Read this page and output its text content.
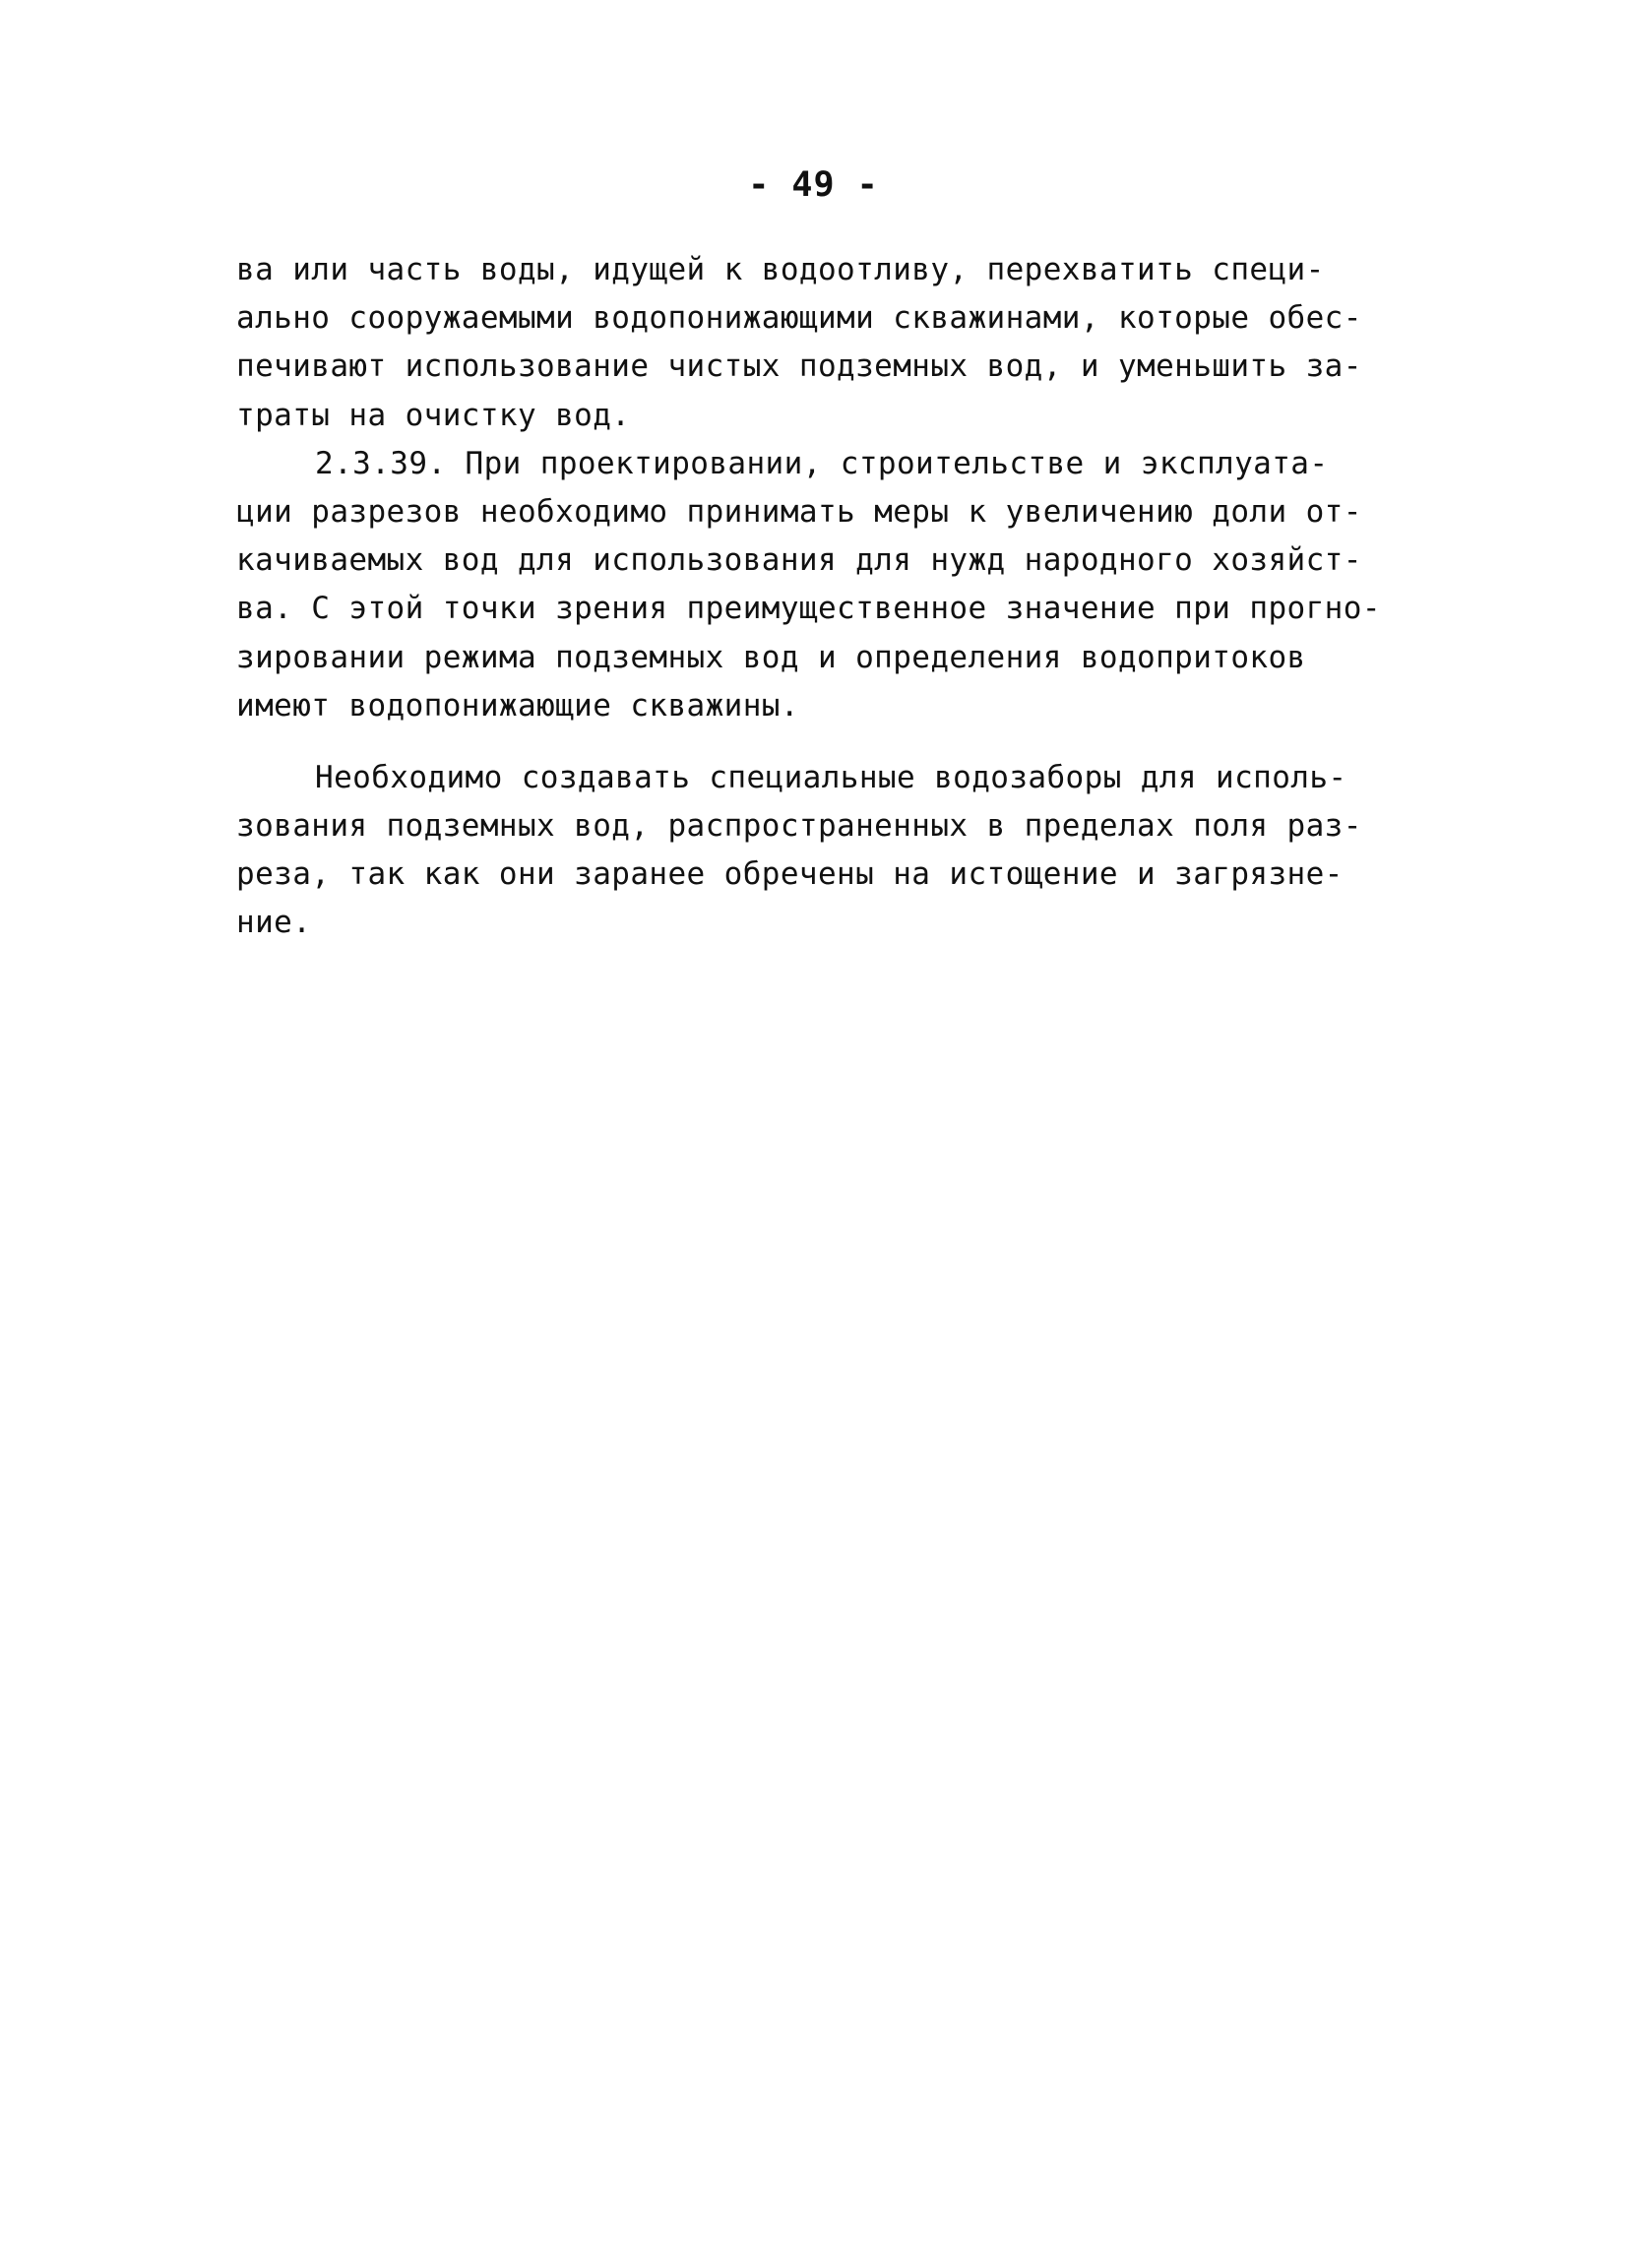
- 49 -
ва или часть воды, идущей к водоотливу, перехватить специ-
ально сооружаемыми водопонижающими скважинами, которые обес-
печивают использование чистых подземных вод, и уменьшить за-
траты на очистку вод.
2.3.39. При проектировании, строительстве и эксплуата-
ции разрезов необходимо принимать меры к увеличению доли от-
качиваемых вод для использования для нужд народного хозяйст-
ва. С этой точки зрения преимущественное значение при прогно-
зировании режима подземных вод и определения водопритоков
имеют водопонижающие скважины.
Необходимо создавать специальные водозаборы для исполь-
зования подземных вод, распространенных в пределах поля раз-
реза, так как они заранее обречены на истощение и загрязне-
ние.
